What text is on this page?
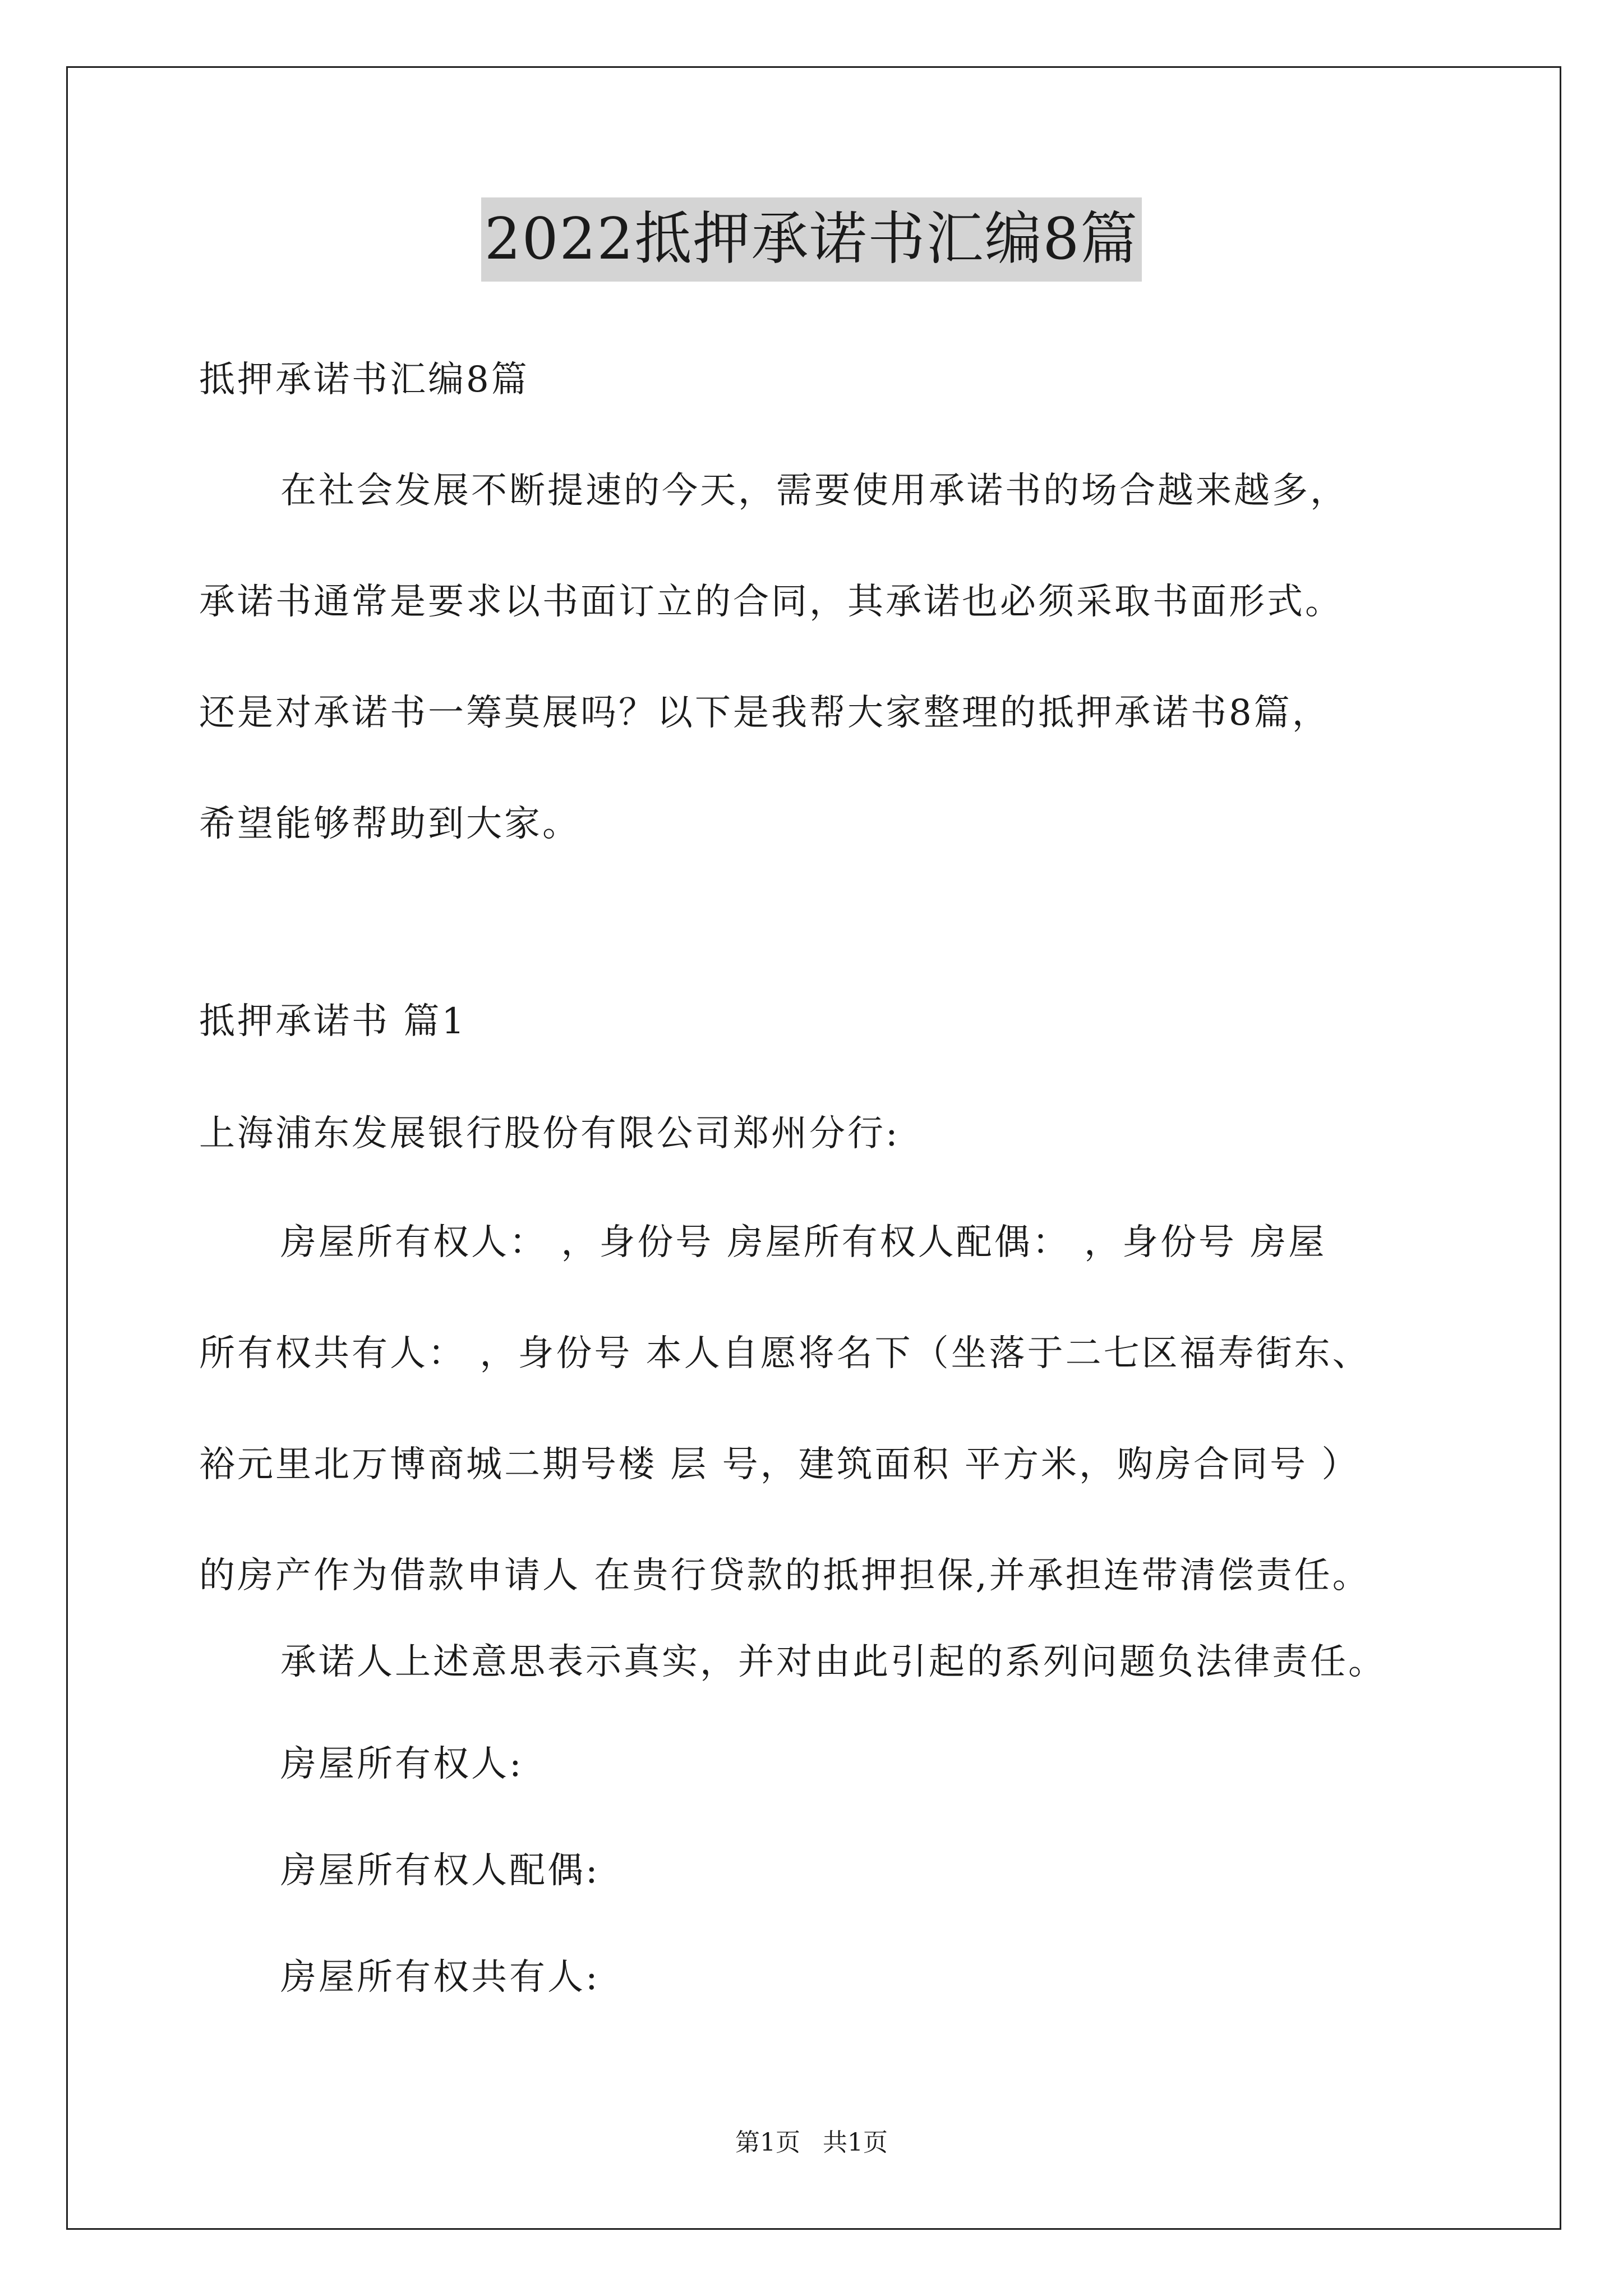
2022抵押承诺书汇编8篇
抵押承诺书汇编8篇
在社会发展不断提速的今天，需要使用承诺书的场合越来越多，
承诺书通常是要求以书面订立的合同，其承诺也必须采取书面形式。
还是对承诺书一筹莫展吗？以下是我帮大家整理的抵押承诺书8篇，
希望能够帮助到大家。
抵押承诺书 篇1
上海浦东发展银行股份有限公司郑州分行:
房屋所有权人： ，身份号 房屋所有权人配偶： ，身份号 房屋
所有权共有人： ，身份号 本人自愿将名下（坐落于二七区福寿街东、
裕元里北万博商城二期号楼 层 号，建筑面积 平方米，购房合同号 ）
的房产作为借款申请人 在贵行贷款的抵押担保,并承担连带清偿责任。
承诺人上述意思表示真实，并对由此引起的系列问题负法律责任。
房屋所有权人:
房屋所有权人配偶:
房屋所有权共有人:
第1页 共1页
